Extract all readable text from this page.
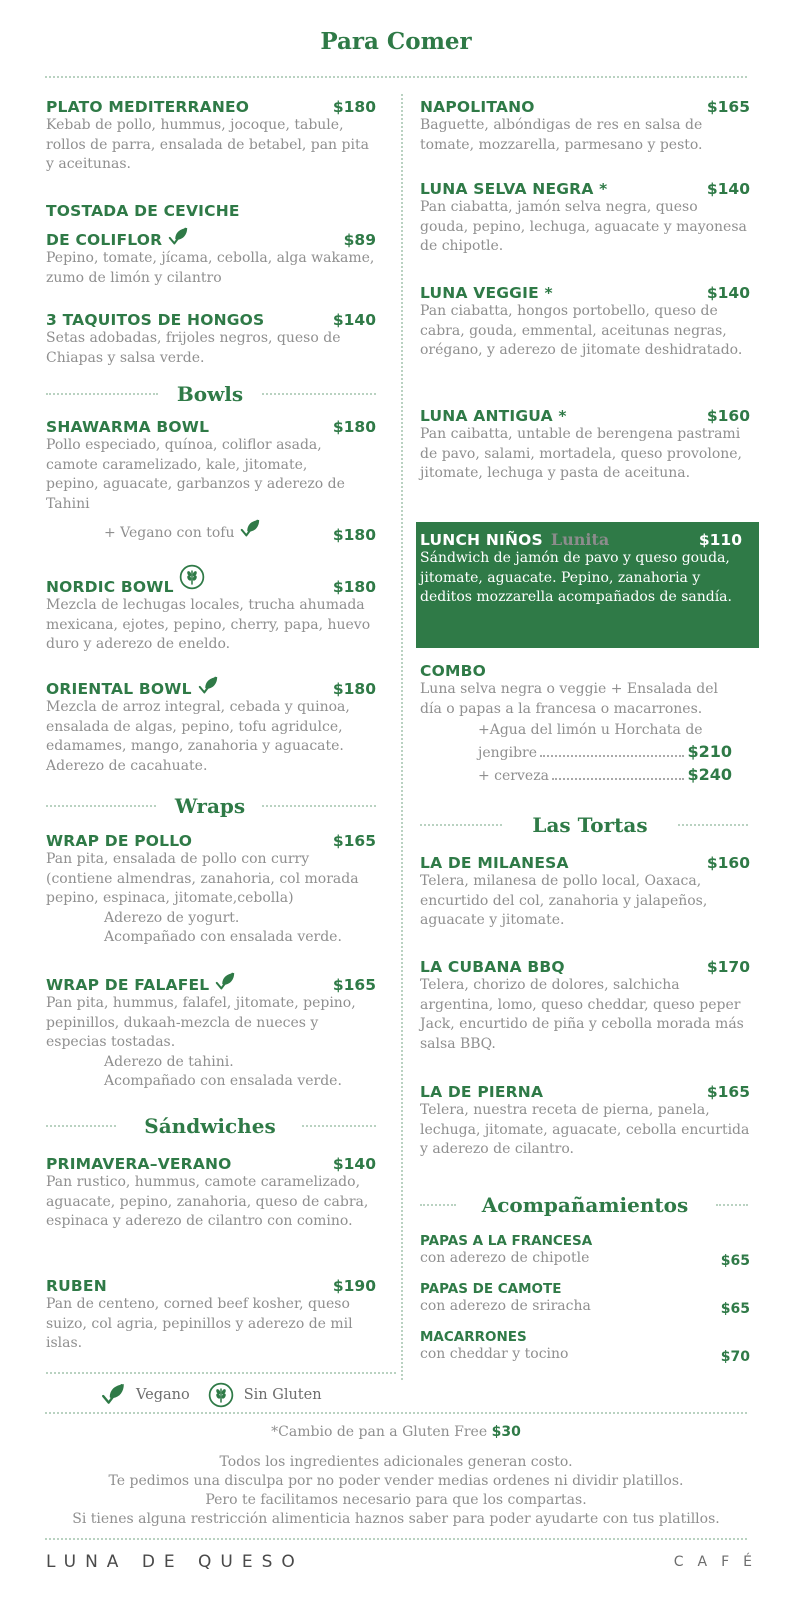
Para Comer
PLATO MEDITERRANEO	$180
Kebab de pollo, hummus, jocoque, tabule, rollos de parra, ensalada de betabel, pan pita y aceitunas.
TOSTADA DE CEVICHE
DE COLIFLOR	$89
Pepino, tomate, jícama, cebolla, alga wakame, zumo de limón y cilantro
3 TAQUITOS DE HONGOS	$140
Setas adobadas, frijoles negros, queso de Chiapas y salsa verde.
Bowls
SHAWARMA BOWL	$180
Pollo especiado, quínoa, coliflor asada, camote caramelizado, kale, jitomate, pepino, aguacate, garbanzos y aderezo de Tahini
+ Vegano con tofu	$180
NORDIC BOWL	$180
Mezcla de lechugas locales, trucha ahumada mexicana, ejotes, pepino, cherry, papa, huevo duro y aderezo de eneldo.
ORIENTAL BOWL	$180
Mezcla de arroz integral, cebada y quinoa, ensalada de algas, pepino, tofu agridulce, edamames, mango, zanahoria y aguacate. Aderezo de cacahuate.
Wraps
WRAP DE POLLO	$165
Pan pita, ensalada de pollo con curry (contiene almendras, zanahoria, col morada pepino, espinaca, jitomate,cebolla)
Aderezo de yogurt.
Acompañado con ensalada verde.
WRAP DE FALAFEL	$165
Pan pita, hummus, falafel, jitomate, pepino, pepinillos, dukaah-mezcla de nueces y especias tostadas.
Aderezo de tahini.
Acompañado con ensalada verde.
Sándwiches
PRIMAVERA–VERANO	$140
Pan rustico, hummus, camote caramelizado, aguacate, pepino, zanahoria, queso de cabra, espinaca y aderezo de cilantro con comino.
RUBEN	$190
Pan de centeno, corned beef kosher, queso suizo, col agria, pepinillos y aderezo de mil islas.
Vegano	Sin Gluten
NAPOLITANO	$165
Baguette, albóndigas de res en salsa de tomate, mozzarella, parmesano y pesto.
LUNA SELVA NEGRA *	$140
Pan ciabatta, jamón selva negra, queso gouda, pepino, lechuga, aguacate y mayonesa de chipotle.
LUNA VEGGIE *	$140
Pan ciabatta, hongos portobello, queso de cabra, gouda, emmental, aceitunas negras, orégano, y aderezo de jitomate deshidratado.
LUNA ANTIGUA *	$160
Pan caibatta, untable de berengena pastrami de pavo, salami, mortadela, queso provolone, jitomate, lechuga y pasta de aceituna.
LUNCH NIÑOS Lunita	$110
Sándwich de jamón de pavo y queso gouda, jitomate, aguacate. Pepino, zanahoria y deditos mozzarella acompañados de sandía.
COMBO
Luna selva negra o veggie + Ensalada del día o papas a la francesa o macarrones.
+Agua del limón u Horchata de
jengibre	$210
+ cerveza	$240
Las Tortas
LA DE MILANESA	$160
Telera, milanesa de pollo local, Oaxaca, encurtido del col, zanahoria y jalapeños, aguacate y jitomate.
LA CUBANA BBQ	$170
Telera, chorizo de dolores, salchicha argentina, lomo, queso cheddar, queso peper Jack, encurtido de piña y cebolla morada más salsa BBQ.
LA DE PIERNA	$165
Telera, nuestra receta de pierna, panela, lechuga, jitomate, aguacate, cebolla encurtida y aderezo de cilantro.
Acompañamientos
PAPAS A LA FRANCESA
con aderezo de chipotle	$65
PAPAS DE CAMOTE
con aderezo de sriracha	$65
MACARRONES
con cheddar y tocino	$70
*Cambio de pan a Gluten Free $30
Todos los ingredientes adicionales generan costo.
Te pedimos una disculpa por no poder vender medias ordenes ni dividir platillos.
Pero te facilitamos necesario para que los compartas.
Si tienes alguna restricción alimenticia haznos saber para poder ayudarte con tus platillos.
LUNA DE QUESO	CAFÉ
